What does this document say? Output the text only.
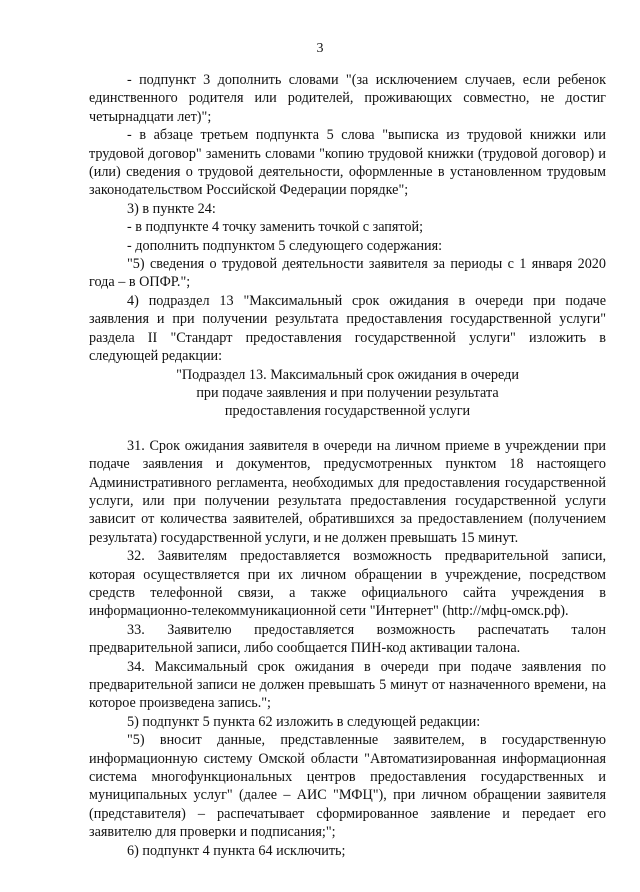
3

- подпункт 3 дополнить словами "(за исключением случаев, если ребенок единственного родителя или родителей, проживающих совместно, не достиг четырнадцати лет)";

- в абзаце третьем подпункта 5 слова "выписка из трудовой книжки или трудовой договор" заменить словами "копию трудовой книжки (трудовой договор) и (или) сведения о трудовой деятельности, оформленные в установленном трудовым законодательством Российской Федерации порядке";

3) в пункте 24:

- в подпункте 4 точку заменить точкой с запятой;

- дополнить подпунктом 5 следующего содержания:

"5) сведения о трудовой деятельности заявителя за периоды с 1 января 2020 года – в ОПФР.";

4) подраздел 13 "Максимальный срок ожидания в очереди при подаче заявления и при получении результата предоставления государственной услуги" раздела II "Стандарт предоставления государственной услуги" изложить в следующей редакции:

"Подраздел 13. Максимальный срок ожидания в очереди
при подаче заявления и при получении результата
предоставления государственной услуги

31. Срок ожидания заявителя в очереди на личном приеме в учреждении при подаче заявления и документов, предусмотренных пунктом 18 настоящего Административного регламента, необходимых для предоставления государственной услуги, или при получении результата предоставления государственной услуги зависит от количества заявителей, обратившихся за предоставлением (получением результата) государственной услуги, и не должен превышать 15 минут.

32. Заявителям предоставляется возможность предварительной записи, которая осуществляется при их личном обращении в учреждение, посредством средств телефонной связи, а также официального сайта учреждения в информационно-телекоммуникационной сети "Интернет" (http://мфц-омск.рф).

33. Заявителю предоставляется возможность распечатать талон предварительной записи, либо сообщается ПИН-код активации талона.

34. Максимальный срок ожидания в очереди при подаче заявления по предварительной записи не должен превышать 5 минут от назначенного времени, на которое произведена запись.";

5) подпункт 5 пункта 62 изложить в следующей редакции:

"5) вносит данные, представленные заявителем, в государственную информационную систему Омской области "Автоматизированная информационная система многофункциональных центров предоставления государственных и муниципальных услуг" (далее – АИС "МФЦ"), при личном обращении заявителя (представителя) – распечатывает сформированное заявление и передает его заявителю для проверки и подписания;";

6) подпункт 4 пункта 64 исключить;
